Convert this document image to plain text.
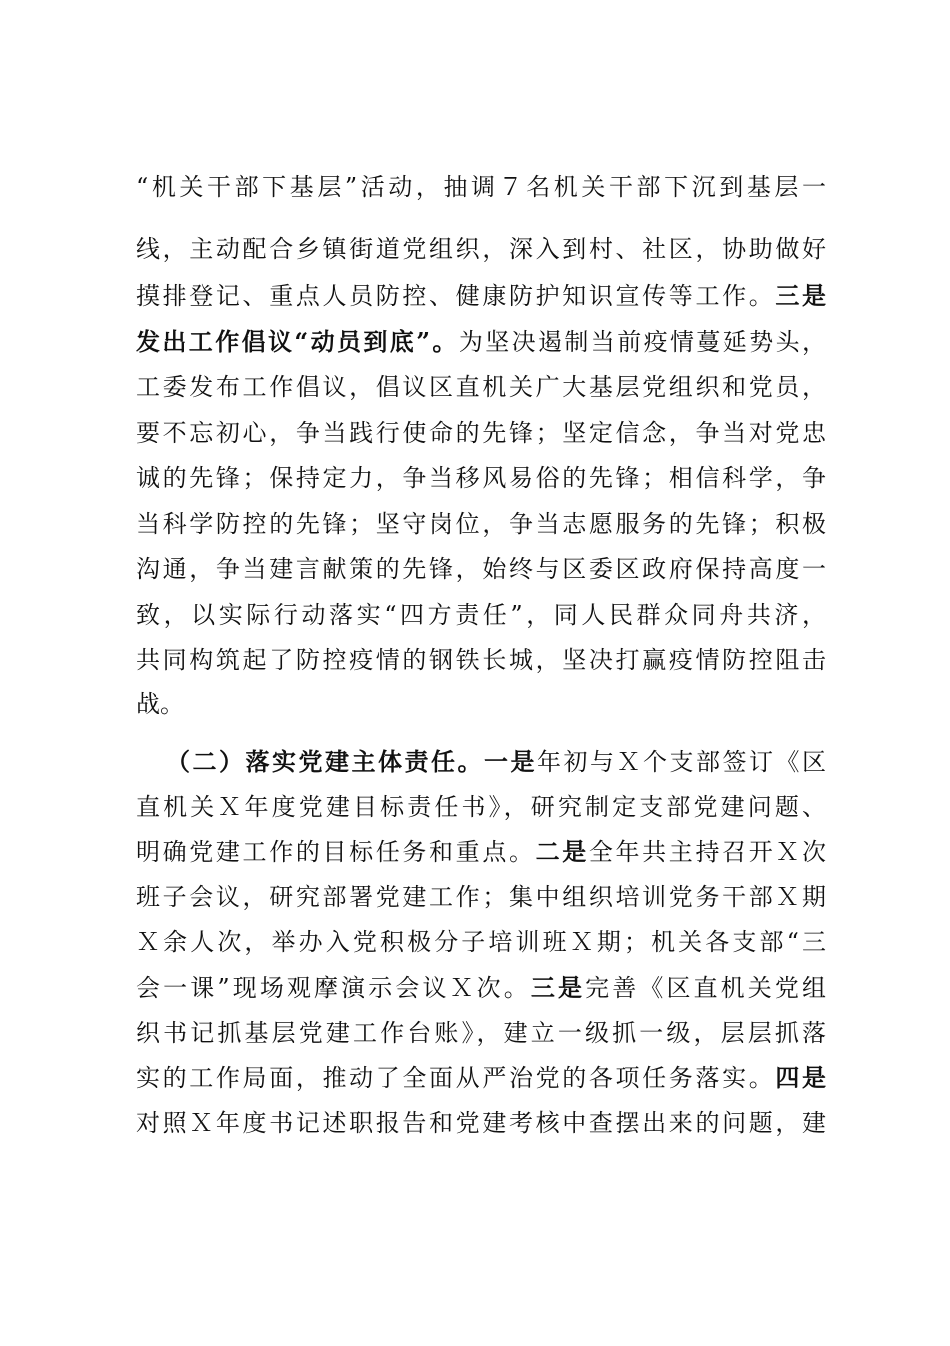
“机关干部下基层”活动，抽调７名机关干部下沉到基层一
线，主动配合乡镇街道党组织，深入到村、社区，协助做好
摸排登记、重点人员防控、健康防护知识宣传等工作。三是
发出工作倡议“动员到底”。为坚决遏制当前疫情蔓延势头，
工委发布工作倡议，倡议区直机关广大基层党组织和党员，
要不忘初心，争当践行使命的先锋；坚定信念，争当对党忠
诚的先锋；保持定力，争当移风易俗的先锋；相信科学，争
当科学防控的先锋；坚守岗位，争当志愿服务的先锋；积极
沟通，争当建言献策的先锋，始终与区委区政府保持高度一
致，以实际行动落实“四方责任”，同人民群众同舟共济，
共同构筑起了防控疫情的钢铁长城，坚决打赢疫情防控阻击
战。
（二）落实党建主体责任。一是年初与Ｘ个支部签订《区
直机关Ｘ年度党建目标责任书》，研究制定支部党建问题、
明确党建工作的目标任务和重点。二是全年共主持召开Ｘ次
班子会议，研究部署党建工作；集中组织培训党务干部Ｘ期
Ｘ余人次，举办入党积极分子培训班Ｘ期；机关各支部“三
会一课”现场观摩演示会议Ｘ次。三是完善《区直机关党组
织书记抓基层党建工作台账》，建立一级抓一级，层层抓落
实的工作局面，推动了全面从严治党的各项任务落实。四是
对照Ｘ年度书记述职报告和党建考核中查摆出来的问题，建
